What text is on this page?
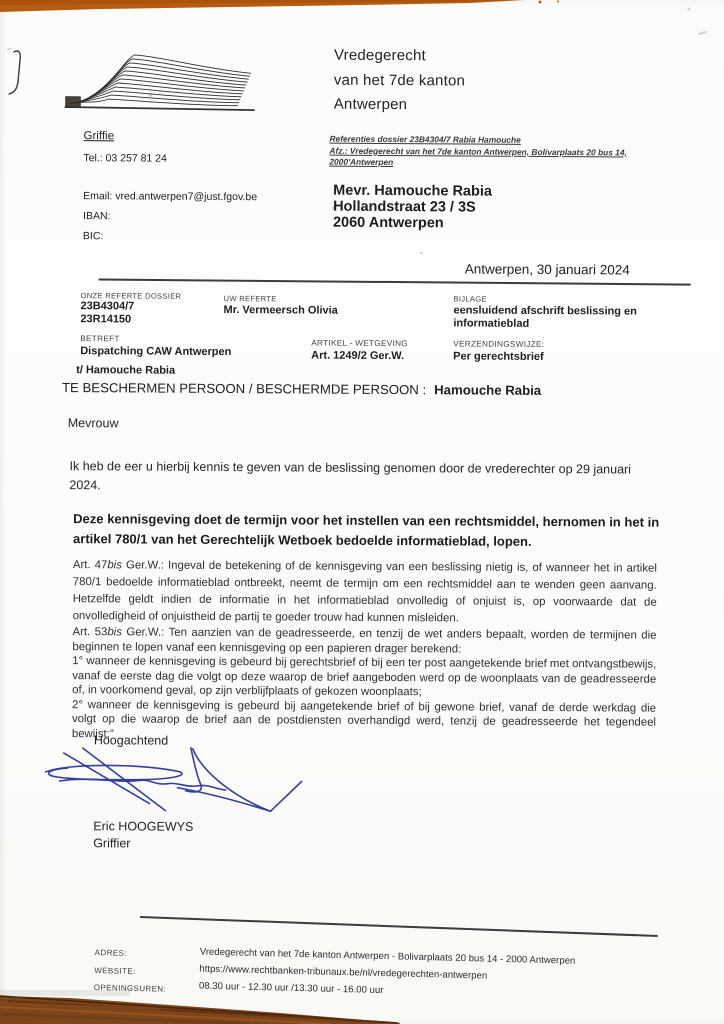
Griffie
Tel.: 03 257 81 24
Email: vred.antwerpen7@just.fgov.be
IBAN:
BIC:
Vredegerecht
van het 7de kanton
Antwerpen
Referenties dossier 23B4304/7 Rabia Hamouche
Afz.: Vredegerecht van het 7de kanton Antwerpen, Bolivarplaats 20 bus 14,
2000'Antwerpen
Mevr. Hamouche Rabia
Hollandstraat 23 / 3S
2060 Antwerpen
Antwerpen, 30 januari 2024
ONZE REFERTE DOSSIER
23B4304/7
23R14150
UW REFERTE
Mr. Vermeersch Olivia
BIJLAGE
eensluidend afschrift beslissing en informatieblad
BETREFT
Dispatching CAW Antwerpen
ARTIKEL - WETGEVING
Art. 1249/2 Ger.W.
VERZENDINGSWIJZE:
Per gerechtsbrief
t/ Hamouche Rabia
TE BESCHERMEN PERSOON / BESCHERMDE PERSOON : Hamouche Rabia
Mevrouw
Ik heb de eer u hierbij kennis te geven van de beslissing genomen door de vrederechter op 29 januari 2024.
Deze kennisgeving doet de termijn voor het instellen van een rechtsmiddel, hernomen in het in artikel 780/1 van het Gerechtelijk Wetboek bedoelde informatieblad, lopen.
Art. 47bis Ger.W.: Ingeval de betekening of de kennisgeving van een beslissing nietig is, of wanneer het in artikel 780/1 bedoelde informatieblad ontbreekt, neemt de termijn om een rechtsmiddel aan te wenden geen aanvang. Hetzelfde geldt indien de informatie in het informatieblad onvolledig of onjuist is, op voorwaarde dat de onvolledigheid of onjuistheid de partij te goeder trouw had kunnen misleiden.
Art. 53bis Ger.W.: Ten aanzien van de geadresseerde, en tenzij de wet anders bepaalt, worden de termijnen die beginnen te lopen vanaf een kennisgeving op een papieren drager berekend:
1° wanneer de kennisgeving is gebeurd bij gerechtsbrief of bij een ter post aangetekende brief met ontvangstbewijs, vanaf de eerste dag die volgt op deze waarop de brief aangeboden werd op de woonplaats van de geadresseerde of, in voorkomend geval, op zijn verblijfplaats of gekozen woonplaats;
2° wanneer de kennisgeving is gebeurd bij aangetekende brief of bij gewone brief, vanaf de derde werkdag die volgt op die waarop de brief aan de postdiensten overhandigd werd, tenzij de geadresseerde het tegendeel bewijst;”
Hoogachtend
Eric HOOGEWYS
Griffier
ADRES:
WEBSITE:
OPENINGSUREN:
Vredegerecht van het 7de kanton Antwerpen - Bolivarplaats 20 bus 14 - 2000 Antwerpen
https://www.rechtbanken-tribunaux.be/nl/vredegerechten-antwerpen
08.30 uur - 12.30 uur /13.30 uur - 16.00 uur
